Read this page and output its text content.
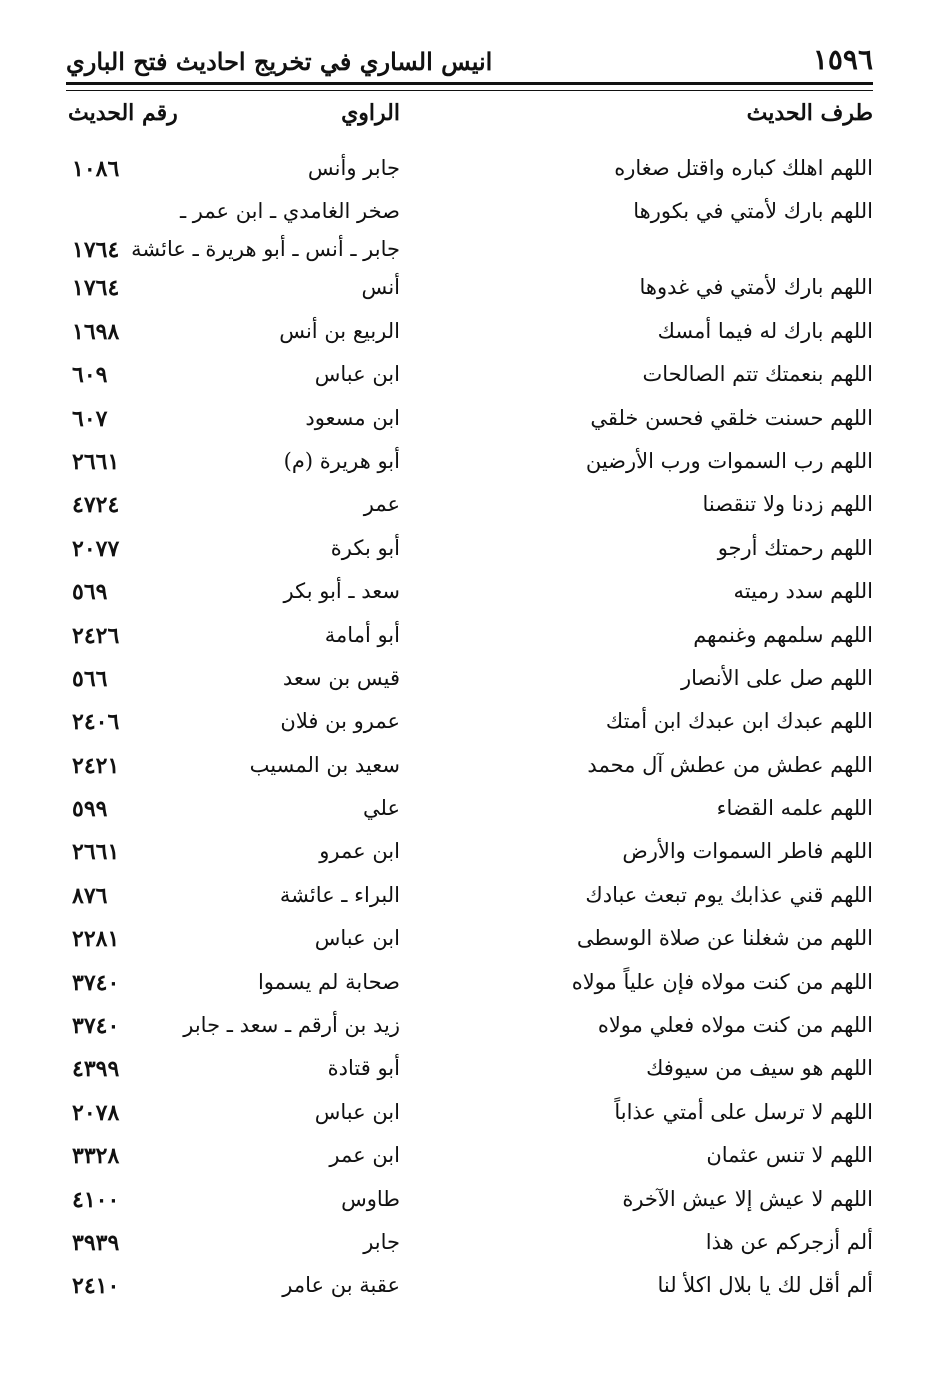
١٥٩٦
انيس الساري في تخريج احاديث فتح الباري
طرف الحديث
الراوي
رقم الحديث
اللهم اهلك كباره واقتل صغاره
جابر وأنس
١٠٨٦
اللهم بارك لأمتي في بكورها
صخر الغامدي ـ ابن عمر ـ
جابر ـ أنس ـ أبو هريرة ـ عائشة
١٧٦٤
اللهم بارك لأمتي في غدوها
أنس
١٧٦٤
اللهم بارك له فيما أمسك
الربيع بن أنس
١٦٩٨
اللهم بنعمتك تتم الصالحات
ابن عباس
٦٠٩
اللهم حسنت خلقي فحسن خلقي
ابن مسعود
٦٠٧
اللهم رب السموات ورب الأرضين
أبو هريرة (م)
٢٦٦١
اللهم زدنا ولا تنقصنا
عمر
٤٧٢٤
اللهم رحمتك أرجو
أبو بكرة
٢٠٧٧
اللهم سدد رميته
سعد ـ أبو بكر
٥٦٩
اللهم سلمهم وغنمهم
أبو أمامة
٢٤٢٦
اللهم صل على الأنصار
قيس بن سعد
٥٦٦
اللهم عبدك ابن عبدك ابن أمتك
عمرو بن فلان
٢٤٠٦
اللهم عطش من عطش آل محمد
سعيد بن المسيب
٢٤٢١
اللهم علمه القضاء
علي
٥٩٩
اللهم فاطر السموات والأرض
ابن عمرو
٢٦٦١
اللهم قني عذابك يوم تبعث عبادك
البراء ـ عائشة
٨٧٦
اللهم من شغلنا عن صلاة الوسطى
ابن عباس
٢٢٨١
اللهم من كنت مولاه فإن علياً مولاه
صحابة لم يسموا
٣٧٤٠
اللهم من كنت مولاه فعلي مولاه
زيد بن أرقم ـ سعد ـ جابر
٣٧٤٠
اللهم هو سيف من سيوفك
أبو قتادة
٤٣٩٩
اللهم لا ترسل على أمتي عذاباً
ابن عباس
٢٠٧٨
اللهم لا تنس عثمان
ابن عمر
٣٣٢٨
اللهم لا عيش إلا عيش الآخرة
طاوس
٤١٠٠
ألم أزجركم عن هذا
جابر
٣٩٣٩
ألم أقل لك يا بلال اكلأ لنا
عقبة بن عامر
٢٤١٠
